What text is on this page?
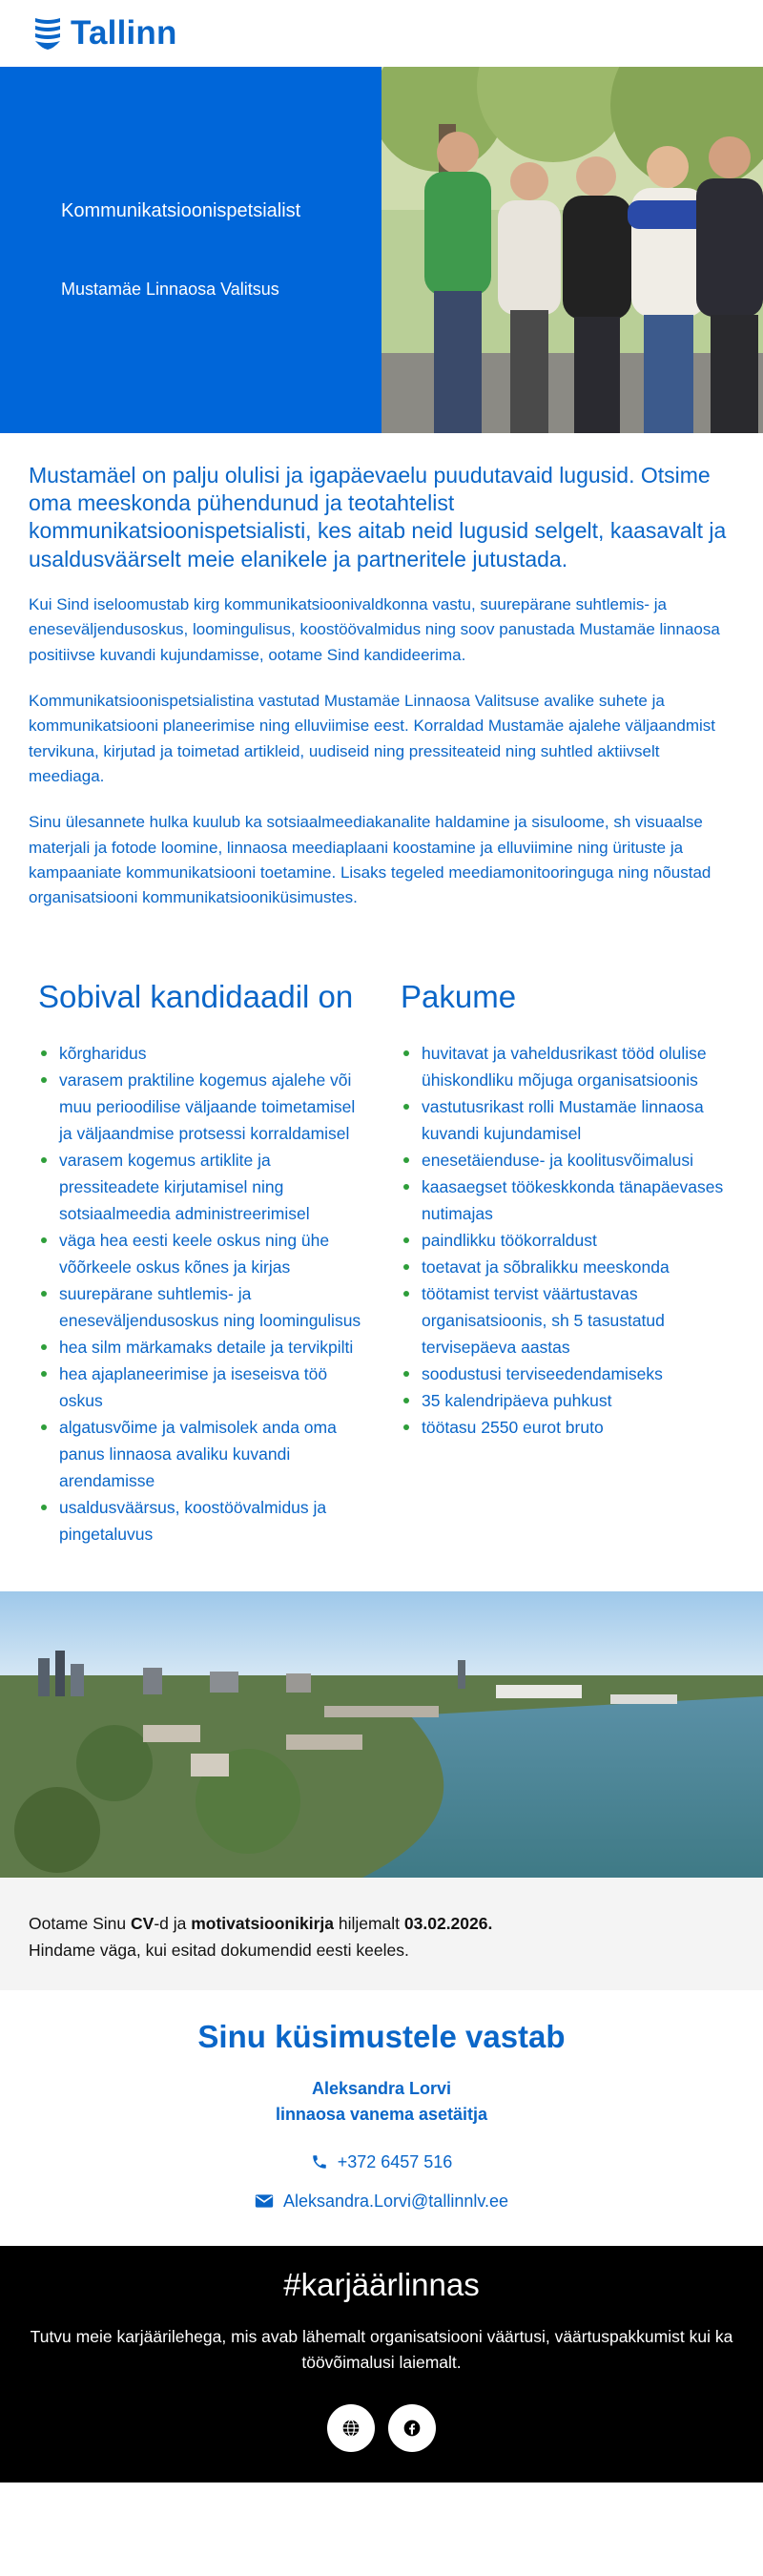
Tallinn
Kommunikatsioonispetsialist
Mustamäe Linnaosa Valitsus

Mustamäel on palju olulisi ja igapäevaelu puudutavaid lugusid. Otsime oma meeskonda pühendunud ja teotahtelist kommunikatsioonispetsialisti, kes aitab neid lugusid selgelt, kaasavalt ja usaldusväärselt meie elanikele ja partneritele jutustada.

Kui Sind iseloomustab kirg kommunikatsioonivaldkonna vastu, suurepärane suhtlemis- ja eneseväljendusoskus, loomingulisus, koostöövalmidus ning soov panustada Mustamäe linnaosa positiivse kuvandi kujundamisse, ootame Sind kandideerima.

Kommunikatsioonispetsialistina vastutad Mustamäe Linnaosa Valitsuse avalike suhete ja kommunikatsiooni planeerimise ning elluviimise eest. Korraldad Mustamäe ajalehe väljaandmist tervikuna, kirjutad ja toimetad artikleid, uudiseid ning pressiteateid ning suhtled aktiivselt meediaga.

Sinu ülesannete hulka kuulub ka sotsiaalmeediakanalite haldamine ja sisuloome, sh visuaalse materjali ja fotode loomine, linnaosa meediaplaani koostamine ja elluviimine ning ürituste ja kampaaniate kommunikatsiooni toetamine. Lisaks tegeled meediamonitooringuga ning nõustad organisatsiooni kommunikatsiooniküsimustes.

Sobival kandidaadil on
kõrgharidus
varasem praktiline kogemus ajalehe või muu perioodilise väljaande toimetamisel ja väljaandmise protsessi korraldamisel
varasem kogemus artiklite ja pressiteadete kirjutamisel ning sotsiaalmeedia administreerimisel
väga hea eesti keele oskus ning ühe võõrkeele oskus kõnes ja kirjas
suurepärane suhtlemis- ja eneseväljendusoskus ning loomingulisus
hea silm märkamaks detaile ja tervikpilti
hea ajaplaneerimise ja iseseisva töö oskus
algatusvõime ja valmisolek anda oma panus linnaosa avaliku kuvandi arendamisse
usaldusväärsus, koostöövalmidus ja pingetaluvus
Pakume
huvitavat ja vaheldusrikast tööd olulise ühiskondliku mõjuga organisatsioonis
vastutusrikast rolli Mustamäe linnaosa kuvandi kujundamisel
enesetäienduse- ja koolitusvõimalusi
kaasaegset töökeskkonda tänapäevases nutimajas
paindlikku töökorraldust
toetavat ja sõbralikku meeskonda
töötamist tervist väärtustavas organisatsioonis, sh 5 tasustatud tervisepäeva aastas
soodustusi terviseedendamiseks
35 kalendripäeva puhkust
töötasu 2550 eurot bruto
Ootame Sinu CV-d ja motivatsioonikirja hiljemalt 03.02.2026.
Hindame väga, kui esitad dokumendid eesti keeles.
Sinu küsimustele vastab
Aleksandra Lorvi
linnaosa vanema asetäitja
+372 6457 516
Aleksandra.Lorvi@tallinnlv.ee
#karjäärlinnas

Tutvu meie karjäärilehega, mis avab lähemalt organisatsiooni väärtusi, väärtuspakkumist kui ka töövõimalusi laiemalt.
